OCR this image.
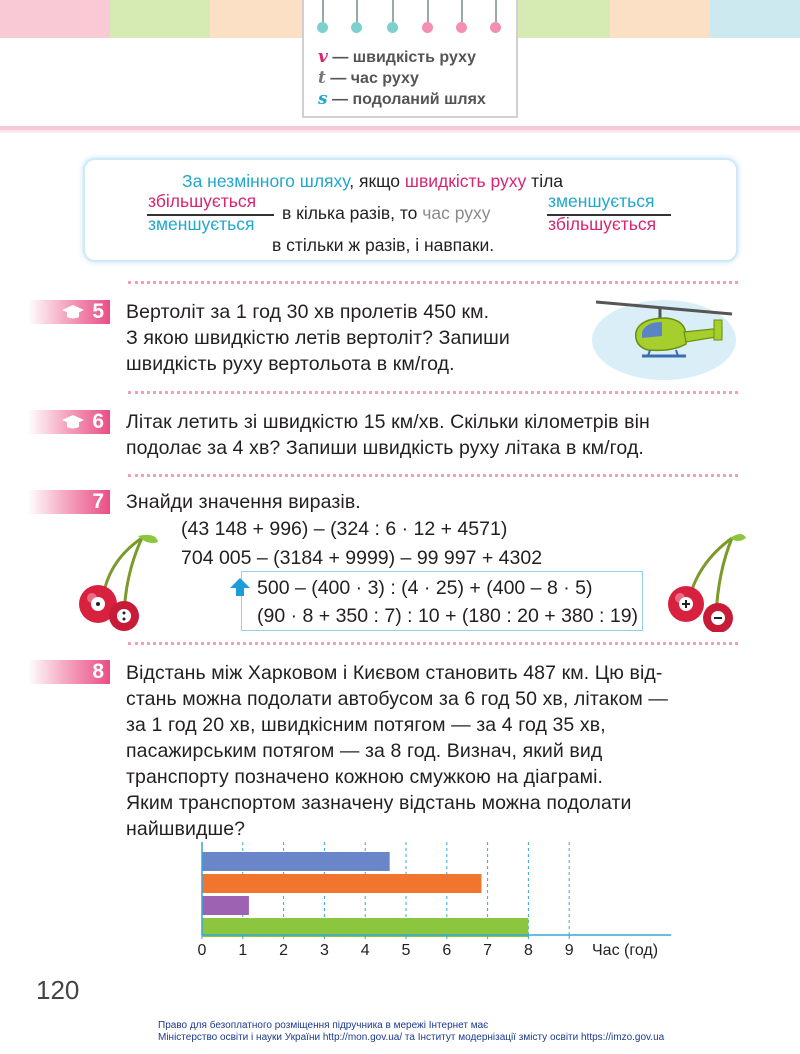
v — швидкість руху
t — час руху
s — подоланий шлях
За незмінного шляху, якщо швидкість руху тіла
збільшується
зменшується
в кілька разів, то час руху
зменшується
збільшується
в стільки ж разів, і навпаки.
5 Вертоліт за 1 год 30 хв пролетів 450 км.
З якою швидкістю летів вертоліт? Запиши
швидкість руху вертольота в км/год.
6 Літак летить зі швидкістю 15 км/хв. Скільки кілометрів він
подолає за 4 хв? Запиши швидкість руху літака в км/год.
7 Знайди значення виразів.
(43 148 + 996) – (324 : 6 · 12 + 4571)
704 005 – (3184 + 9999) – 99 997 + 4302
500 – (400 · 3) : (4 · 25) + (400 – 8 · 5)
(90 · 8 + 350 : 7) : 10 + (180 : 20 + 380 : 19)
8 Відстань між Харковом і Києвом становить 487 км. Цю від-
стань можна подолати автобусом за 6 год 50 хв, літаком —
за 1 год 20 хв, швидкісним потягом — за 4 год 35 хв,
пасажирським потягом — за 8 год. Визнач, який вид
транспорту позначено кожною смужкою на діаграмі.
Яким транспортом зазначену відстань можна подолати
найшвидше?
0 1 2 3 4 5 6 7 8 9 Час (год)
120
Право для безоплатного розміщення підручника в мережі Інтернет має
Міністерство освіти і науки України http://mon.gov.ua/ та Інститут модернізації змісту освіти https://imzo.gov.ua
